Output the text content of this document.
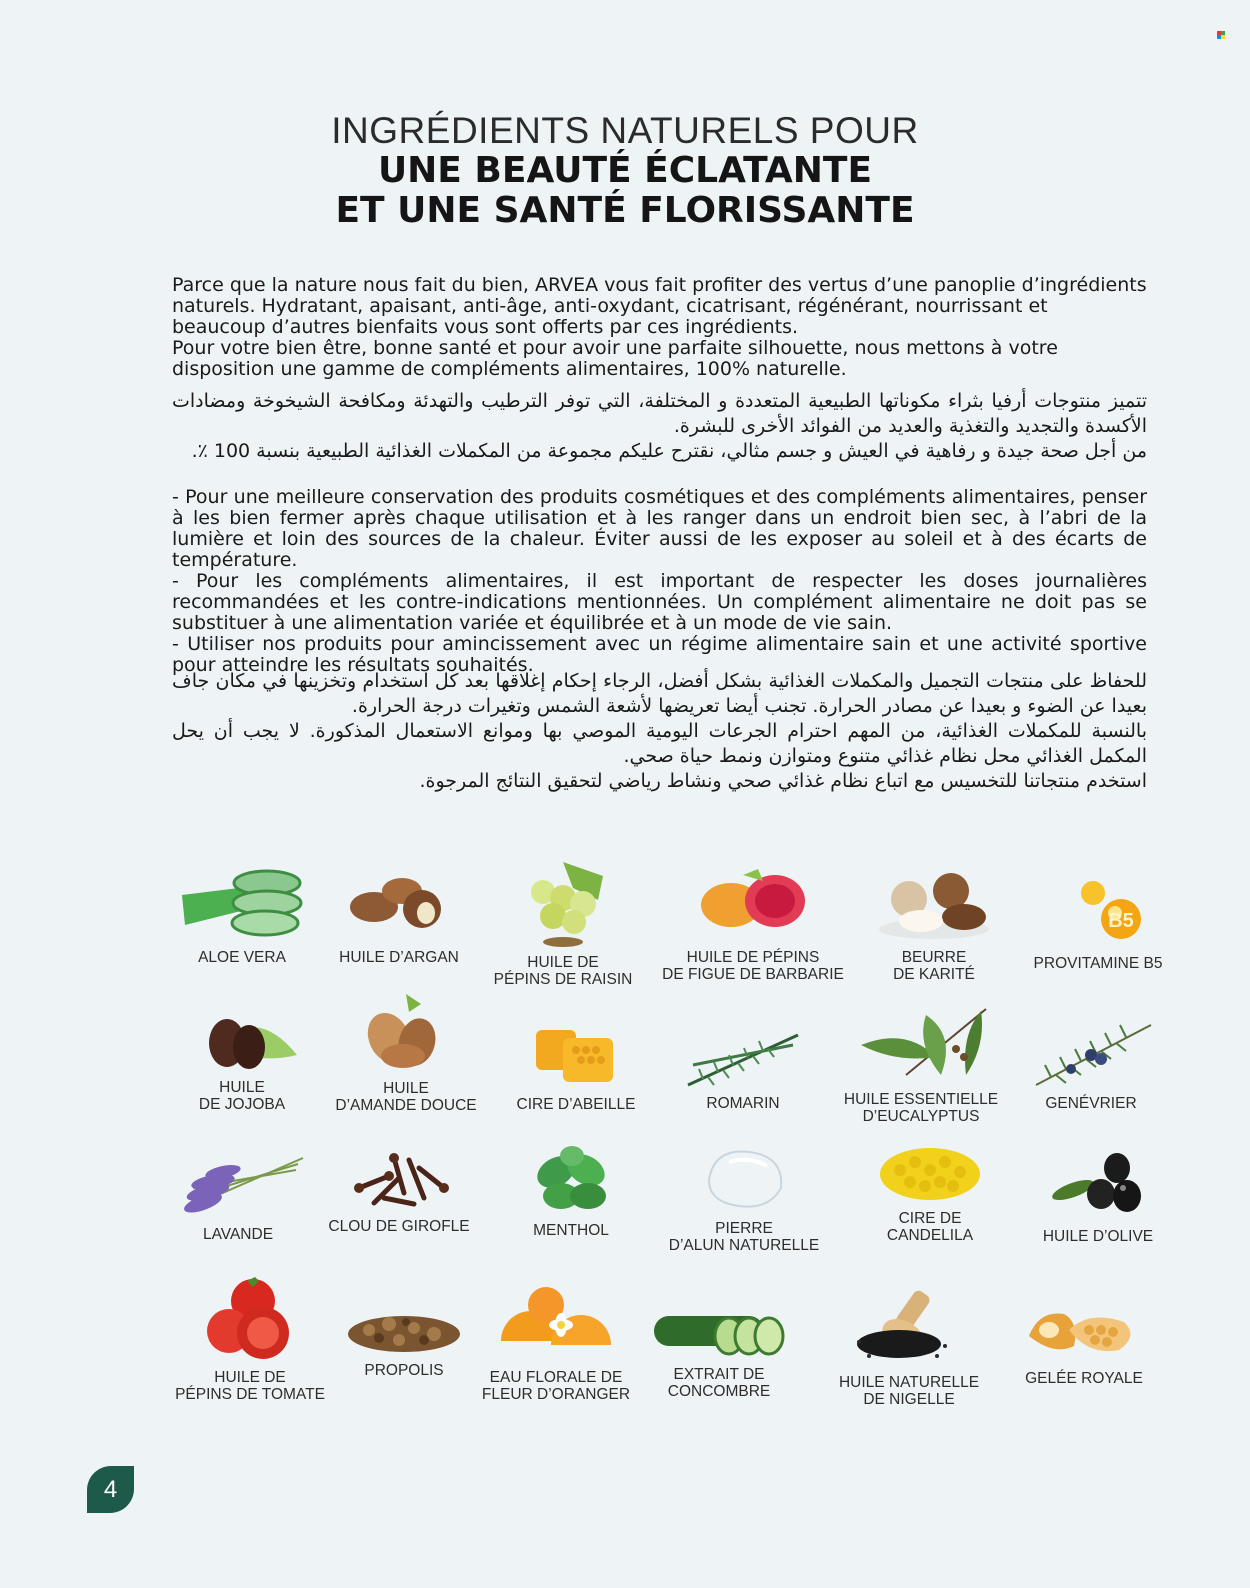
INGRÉDIENTS NATURELS POUR
UNE BEAUTÉ ÉCLATANTE
ET UNE SANTÉ FLORISSANTE

Parce que la nature nous fait du bien, ARVEA vous fait profiter des vertus d’une panoplie d’ingrédients naturels. Hydratant, apaisant, anti-âge, anti-oxydant, cicatrisant, régénérant, nourrissant et beaucoup d’autres bienfaits vous sont offerts par ces ingrédients.

Pour votre bien être, bonne santé et pour avoir une parfaite silhouette, nous mettons à votre disposition une gamme de compléments alimentaires, 100% naturelle.

تتميز منتوجات أرفيا بثراء مكوناتها الطبيعية المتعددة و المختلفة، التي توفر الترطيب والتهدئة ومكافحة الشيخوخة ومضادات الأكسدة والتجديد والتغذية والعديد من الفوائد الأخرى للبشرة.

من أجل صحة جيدة و رفاهية في العيش و جسم مثالي، نقترح عليكم مجموعة من المكملات الغذائية الطبيعية بنسبة 100 ٪.

- Pour une meilleure conservation des produits cosmétiques et des compléments alimentaires, penser à les bien fermer après chaque utilisation et à les ranger dans un endroit bien sec, à l’abri de la lumière et loin des sources de la chaleur. Éviter aussi de les exposer au soleil et à des écarts de température.

- Pour les compléments alimentaires, il est important de respecter les doses journalières recommandées et les contre-indications mentionnées. Un complément alimentaire ne doit pas se substituer à une alimentation variée et équilibrée et à un mode de vie sain.

- Utiliser nos produits pour amincissement avec un régime alimentaire sain et une activité sportive pour atteindre les résultats souhaités.

للحفاظ على منتجات التجميل والمكملات الغذائية بشكل أفضل، الرجاء إحكام إغلاقها بعد كل استخدام وتخزينها في مكان جاف بعيدا عن الضوء و بعيدا عن مصادر الحرارة. تجنب أيضا تعريضها لأشعة الشمس وتغيرات درجة الحرارة.

بالنسبة للمكملات الغذائية، من المهم احترام الجرعات اليومية الموصي بها وموانع الاستعمال المذكورة. لا يجب أن يحل المكمل الغذائي محل نظام غذائي متنوع ومتوازن ونمط حياة صحي.

استخدم منتجاتنا للتخسيس مع اتباع نظام غذائي صحي ونشاط رياضي لتحقيق النتائج المرجوة.

ALOE VERA	HUILE D’ARGAN	HUILE DE
PÉPINS DE RAISIN
HUILE DE PÉPINS
DE FIGUE DE BARBARIE
BEURRE
DE KARITÉ
B5
PROVITAMINE B5
HUILE
DE JOJOBA
HUILE
D’AMANDE DOUCE	CIRE D’ABEILLE	ROMARIN	HUILE ESSENTIELLE
D’EUCALYPTUS
GENÉVRIER
LAVANDE	CLOU DE GIROFLE	MENTHOL	PIERRE
D’ALUN NATURELLE
CIRE DE
CANDELILA	HUILE D’OLIVE
HUILE DE
PÉPINS DE TOMATE
PROPOLIS	EAU FLORALE DE
FLEUR D’ORANGER
EXTRAIT DE
CONCOMBRE
HUILE NATURELLE
DE NIGELLE
GELÉE ROYALE
4
